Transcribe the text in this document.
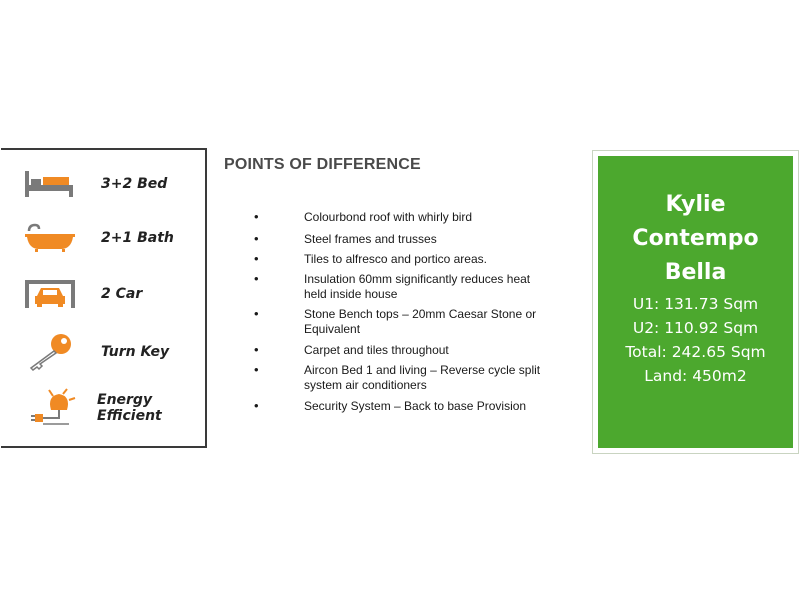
3+2 Bed
2+1 Bath
2 Car
Turn Key
Energy
Efficient
POINTS OF DIFFERENCE
•	Colourbond roof with whirly bird
•	Steel frames and trusses
•	Tiles to alfresco and portico areas.
•	Insulation 60mm significantly reduces heat held inside house
•	Stone Bench tops – 20mm Caesar Stone or Equivalent
•	Carpet and tiles throughout
•	Aircon Bed 1 and living – Reverse cycle split system air conditioners
•	Security System – Back to base Provision
Kylie
Contempo
Bella
U1: 131.73 Sqm
U2: 110.92 Sqm
Total: 242.65 Sqm
Land: 450m2
